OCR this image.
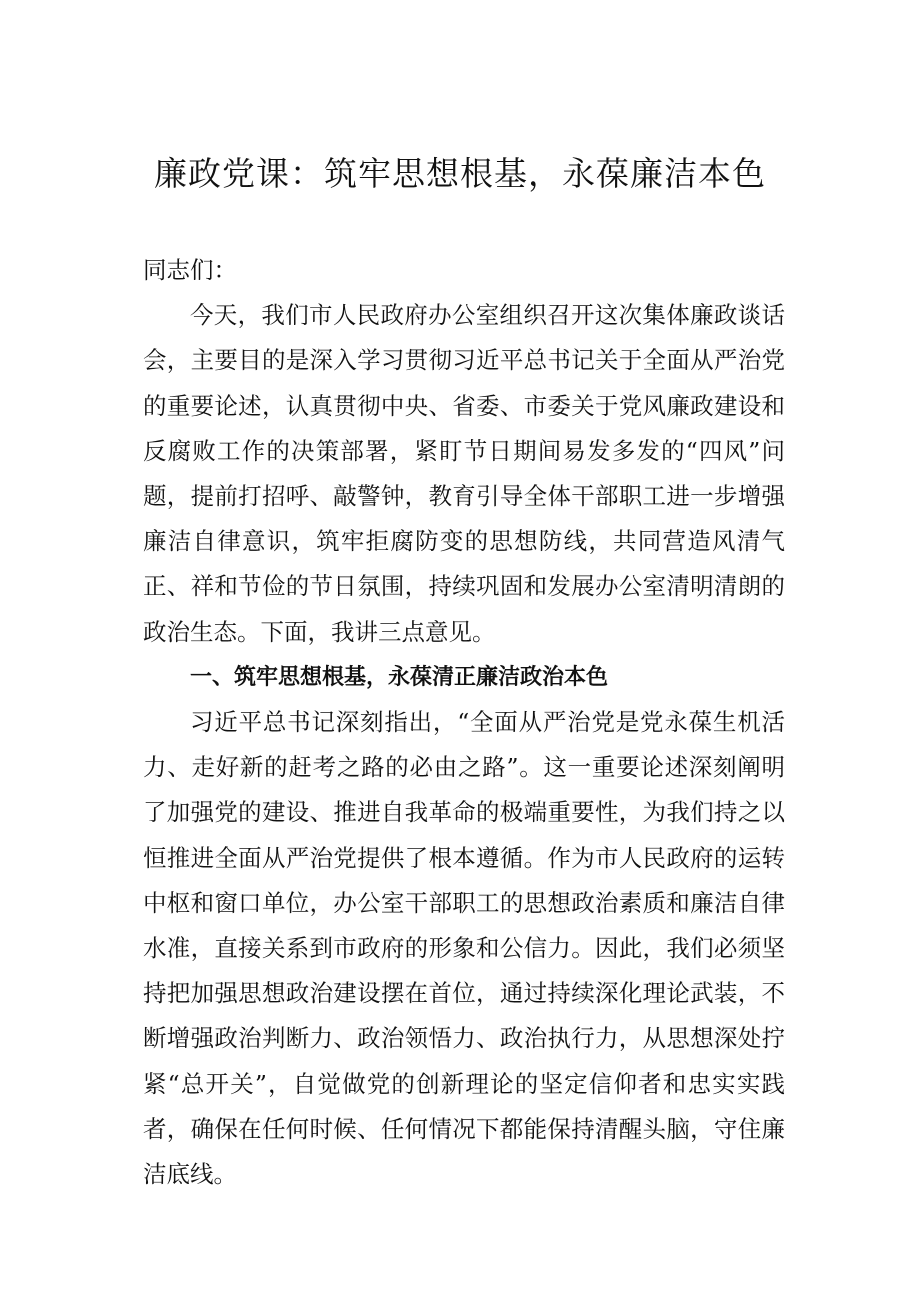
廉政党课：筑牢思想根基，永葆廉洁本色

同志们：

今天，我们市人民政府办公室组织召开这次集体廉政谈话会，主要目的是深入学习贯彻习近平总书记关于全面从严治党的重要论述，认真贯彻中央、省委、市委关于党风廉政建设和反腐败工作的决策部署，紧盯节日期间易发多发的“四风”问题，提前打招呼、敲警钟，教育引导全体干部职工进一步增强廉洁自律意识，筑牢拒腐防变的思想防线，共同营造风清气正、祥和节俭的节日氛围，持续巩固和发展办公室清明清朗的政治生态。下面，我讲三点意见。

一、筑牢思想根基，永葆清正廉洁政治本色

习近平总书记深刻指出，“全面从严治党是党永葆生机活力、走好新的赶考之路的必由之路”。这一重要论述深刻阐明了加强党的建设、推进自我革命的极端重要性，为我们持之以恒推进全面从严治党提供了根本遵循。作为市人民政府的运转中枢和窗口单位，办公室干部职工的思想政治素质和廉洁自律水准，直接关系到市政府的形象和公信力。因此，我们必须坚持把加强思想政治建设摆在首位，通过持续深化理论武装，不断增强政治判断力、政治领悟力、政治执行力，从思想深处拧紧“总开关”，自觉做党的创新理论的坚定信仰者和忠实实践者，确保在任何时候、任何情况下都能保持清醒头脑，守住廉洁底线。
